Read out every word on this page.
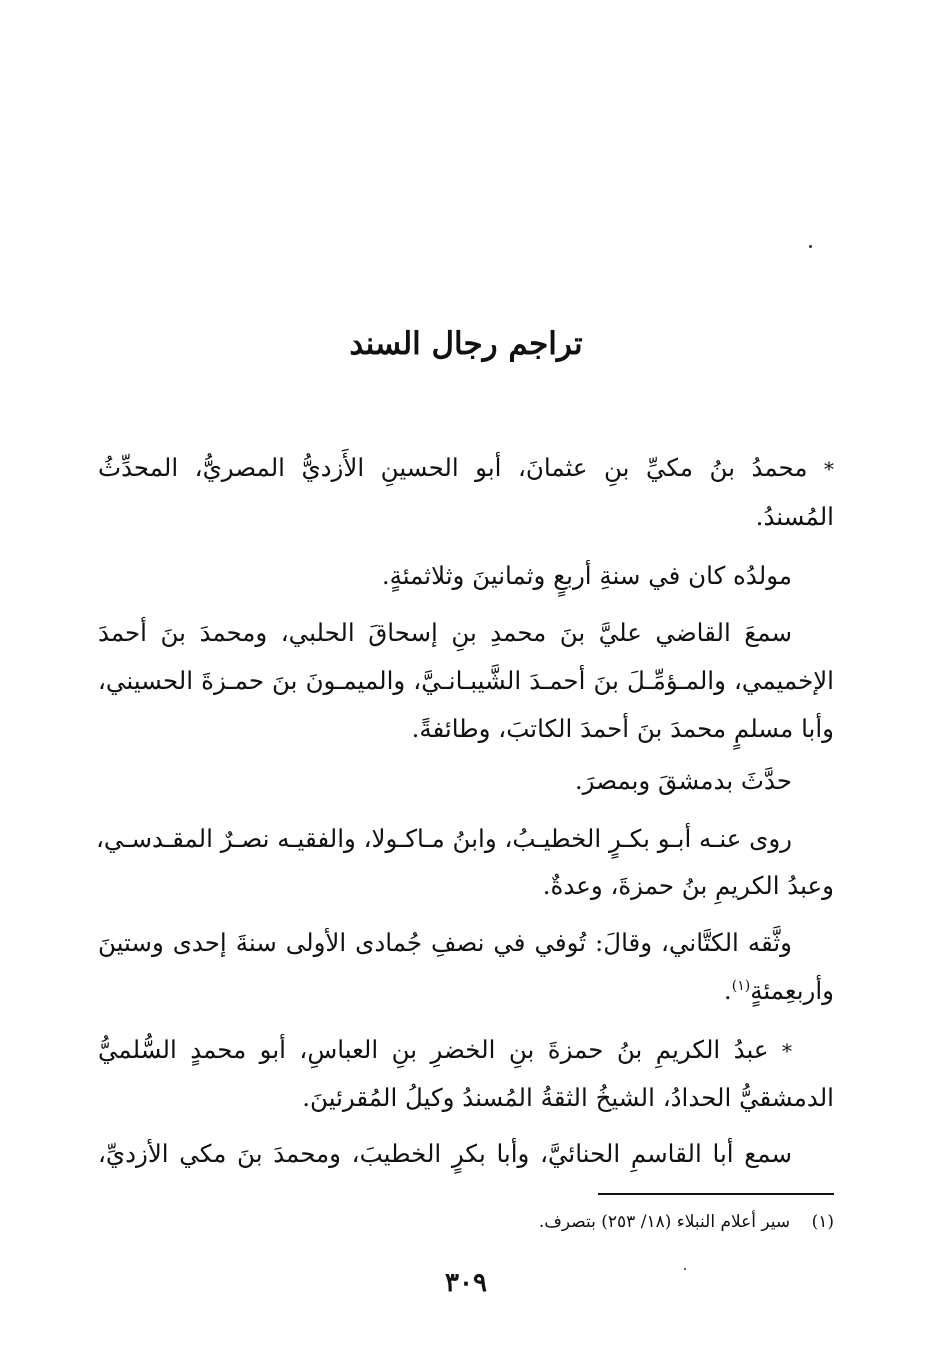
تراجم رجال السند
* محمدُ بنُ مكيِّ بنِ عثمانَ، أبو الحسينِ الأَزديُّ المصريُّ، المحدِّثُ
المُسندُ.
مولدُه كان في سنةِ أربعٍ وثمانينَ وثلاثمئةٍ.
سمعَ القاضي عليَّ بنَ محمدِ بنِ إسحاقَ الحلبي، ومحمدَ بنَ أحمدَ
الإخميمي، والمـؤمِّـلَ بنَ أحمـدَ الشَّيبـانـيَّ، والميمـونَ بنَ حمـزةَ الحسيني،
وأبا مسلمٍ محمدَ بنَ أحمدَ الكاتبَ، وطائفةً.
حدَّثَ بدمشقَ وبمصرَ.
روى عنـه أبـو بكـرٍ الخطيـبُ، وابنُ مـاكـولا، والفقيـه نصـرٌ المقـدسـي،
وعبدُ الكريمِ بنُ حمزةَ، وعدةٌ.
وثَّقه الكتَّاني، وقالَ: تُوفي في نصفِ جُمادى الأولى سنةَ إحدى وستينَ
وأربعِمئةٍ$^{(١)}$.
* عبدُ الكريمِ بنُ حمزةَ بنِ الخضرِ بنِ العباسِ، أبو محمدٍ السُّلميُّ
الدمشقيُّ الحدادُ، الشيخُ الثقةُ المُسندُ وكيلُ المُقرئينَ.
سمع أبا القاسمِ الحنائيَّ، وأبا بكرٍ الخطيبَ، ومحمدَ بنَ مكي الأزديِّ،
(١) سير أعلام النبلاء (١٨/ ٢٥٣) بتصرف.
٣٠٩
